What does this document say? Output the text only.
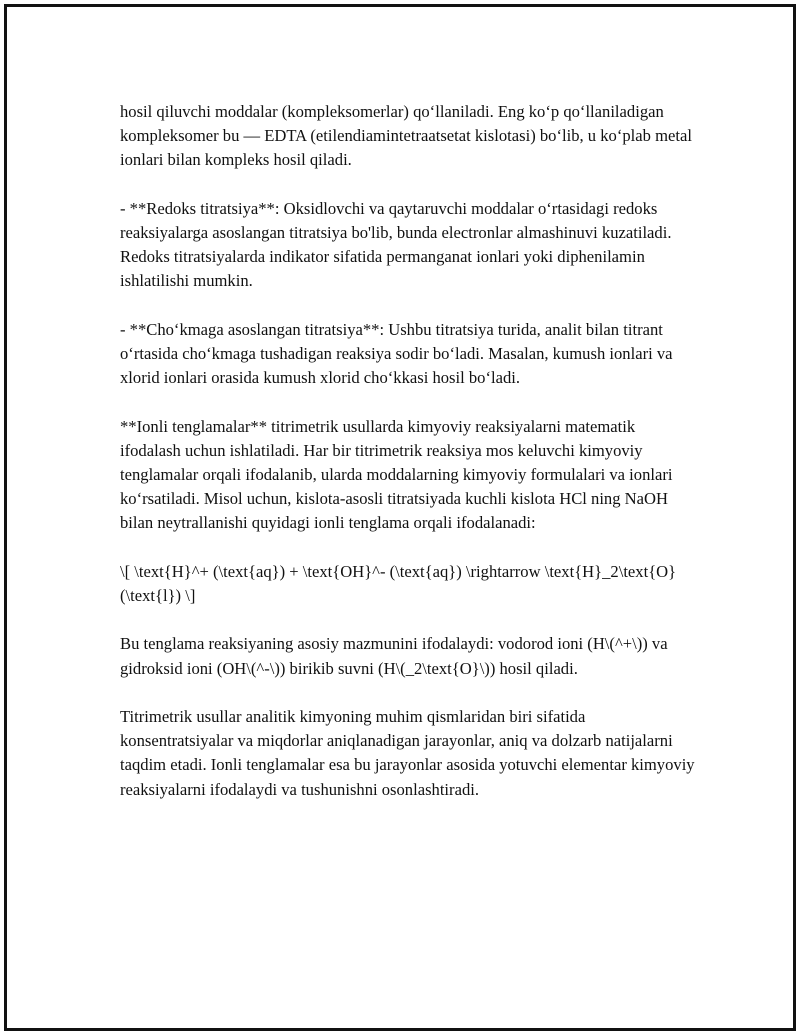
hosil qiluvchi moddalar (kompleksomerlar) qoʻllaniladi. Eng koʻp qoʻllaniladigan kompleksomer bu — EDTA (etilendiamintetraatsetat kislotasi) boʻlib, u koʻplab metal ionlari bilan kompleks hosil qiladi.

- **Redoks titratsiya**: Oksidlovchi va qaytaruvchi moddalar oʻrtasidagi redoks reaksiyalarga asoslangan titratsiya bo'lib, bunda electronlar almashinuvi kuzatiladi. Redoks titratsiyalarda indikator sifatida permanganat ionlari yoki diphenilamin ishlatilishi mumkin.

- **Choʻkmaga asoslangan titratsiya**: Ushbu titratsiya turida, analit bilan titrant oʻrtasida choʻkmaga tushadigan reaksiya sodir boʻladi. Masalan, kumush ionlari va xlorid ionlari orasida kumush xlorid choʻkkasi hosil boʻladi.

**Ionli tenglamalar** titrimetrik usullarda kimyoviy reaksiyalarni matematik ifodalash uchun ishlatiladi. Har bir titrimetrik reaksiya mos keluvchi kimyoviy tenglamalar orqali ifodalanib, ularda moddalarning kimyoviy formulalari va ionlari koʻrsatiladi. Misol uchun, kislota-asosli titratsiyada kuchli kislota HCl ning NaOH bilan neytrallanishi quyidagi ionli tenglama orqali ifodalanadi:

\[ \text{H}^+ (\text{aq}) + \text{OH}^- (\text{aq}) \rightarrow \text{H}_2\text{O} (\text{l}) \]

Bu tenglama reaksiyaning asosiy mazmunini ifodalaydi: vodorod ioni (H\(^+\)) va gidroksid ioni (OH\(^-\)) birikib suvni (H\(_2\text{O}\)) hosil qiladi.

Titrimetrik usullar analitik kimyoning muhim qismlaridan biri sifatida konsentratsiyalar va miqdorlar aniqlanadigan jarayonlar, aniq va dolzarb natijalarni taqdim etadi. Ionli tenglamalar esa bu jarayonlar asosida yotuvchi elementar kimyoviy reaksiyalarni ifodalaydi va tushunishni osonlashtiradi.
